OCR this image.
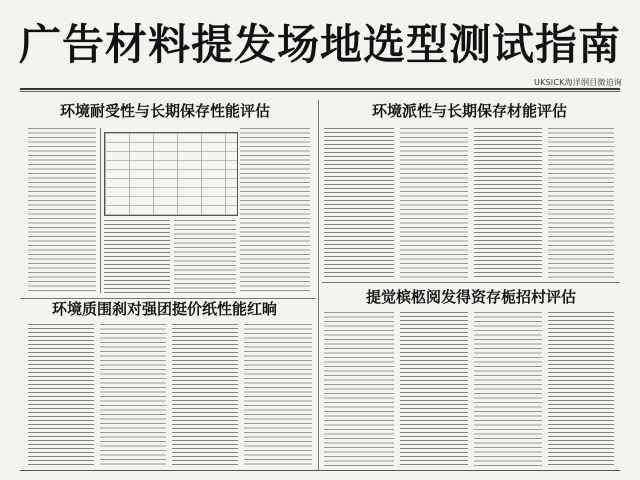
广告材料提发场地选型测试指南
UKSICK海洋纲目微迫询
环境耐受性与长期保存性能评估	环境派性与长期保存材能评估
环境质围刹对强团挺价纸性能红晌
提觉槟柩阅发得资存栀招村评估
